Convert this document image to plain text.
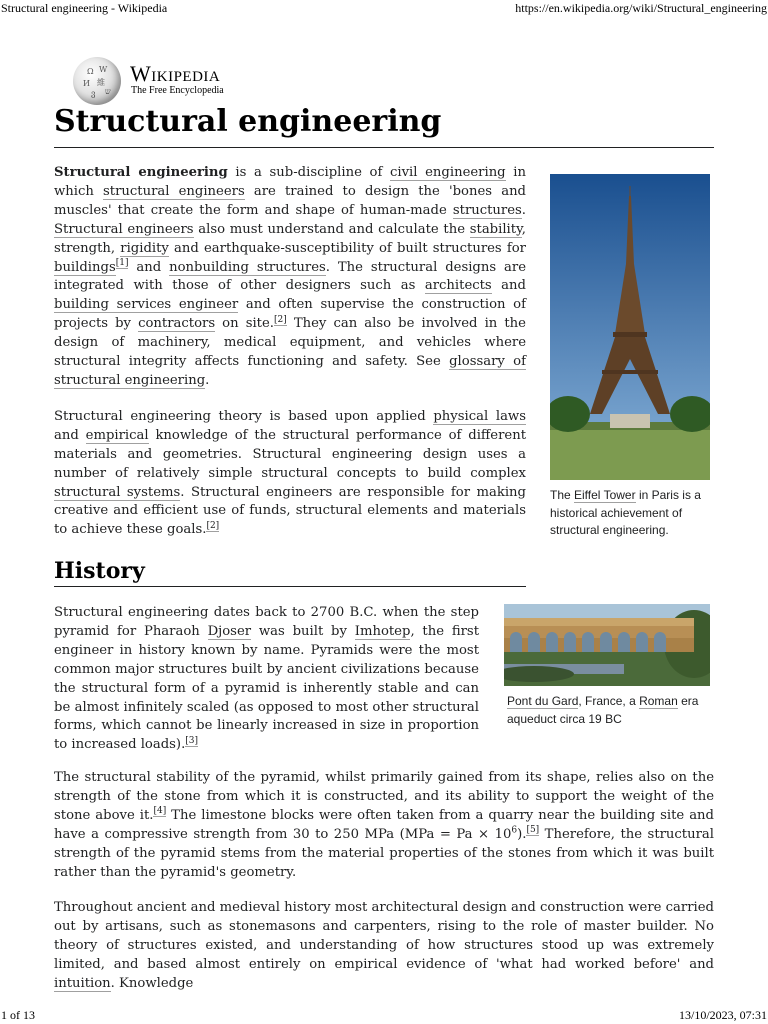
Structural engineering - Wikipedia	https://en.wikipedia.org/wiki/Structural_engineering
Ω W
И 維
ვ ש
Wikipedia
The Free Encyclopedia
Structural engineering

Structural engineering is a sub-discipline of civil engineering in which structural engineers are trained to design the 'bones and muscles' that create the form and shape of human-made structures. Structural engineers also must understand and calculate the stability, strength, rigidity and earthquake-susceptibility of built structures for buildings[1] and nonbuilding structures. The structural designs are integrated with those of other designers such as architects and building services engineer and often supervise the construction of projects by contractors on site.[2] They can also be involved in the design of machinery, medical equipment, and vehicles where structural integrity affects functioning and safety. See glossary of structural engineering.

Structural engineering theory is based upon applied physical laws and empirical knowledge of the structural performance of different materials and geometries. Structural engineering design uses a number of relatively simple structural concepts to build complex structural systems. Structural engineers are responsible for making creative and efficient use of funds, structural elements and materials to achieve these goals.[2]

The Eiffel Tower in Paris is a historical achievement of structural engineering.
History

Structural engineering dates back to 2700 B.C. when the step pyramid for Pharaoh Djoser was built by Imhotep, the first engineer in history known by name. Pyramids were the most common major structures built by ancient civilizations because the structural form of a pyramid is inherently stable and can be almost infinitely scaled (as opposed to most other structural forms, which cannot be linearly increased in size in proportion to increased loads).[3]

Pont du Gard, France, a Roman era aqueduct circa 19 BC

The structural stability of the pyramid, whilst primarily gained from its shape, relies also on the strength of the stone from which it is constructed, and its ability to support the weight of the stone above it.[4] The limestone blocks were often taken from a quarry near the building site and have a compressive strength from 30 to 250 MPa $(MPa = Pa \times 10^6).[5]$ Therefore, the structural strength of the pyramid stems from the material properties of the stones from which it was built rather than the pyramid's geometry.

Throughout ancient and medieval history most architectural design and construction were carried out by artisans, such as stonemasons and carpenters, rising to the role of master builder. No theory of structures existed, and understanding of how structures stood up was extremely limited, and based almost entirely on empirical evidence of 'what had worked before' and intuition. Knowledge

1 of 13	13/10/2023, 07:31
